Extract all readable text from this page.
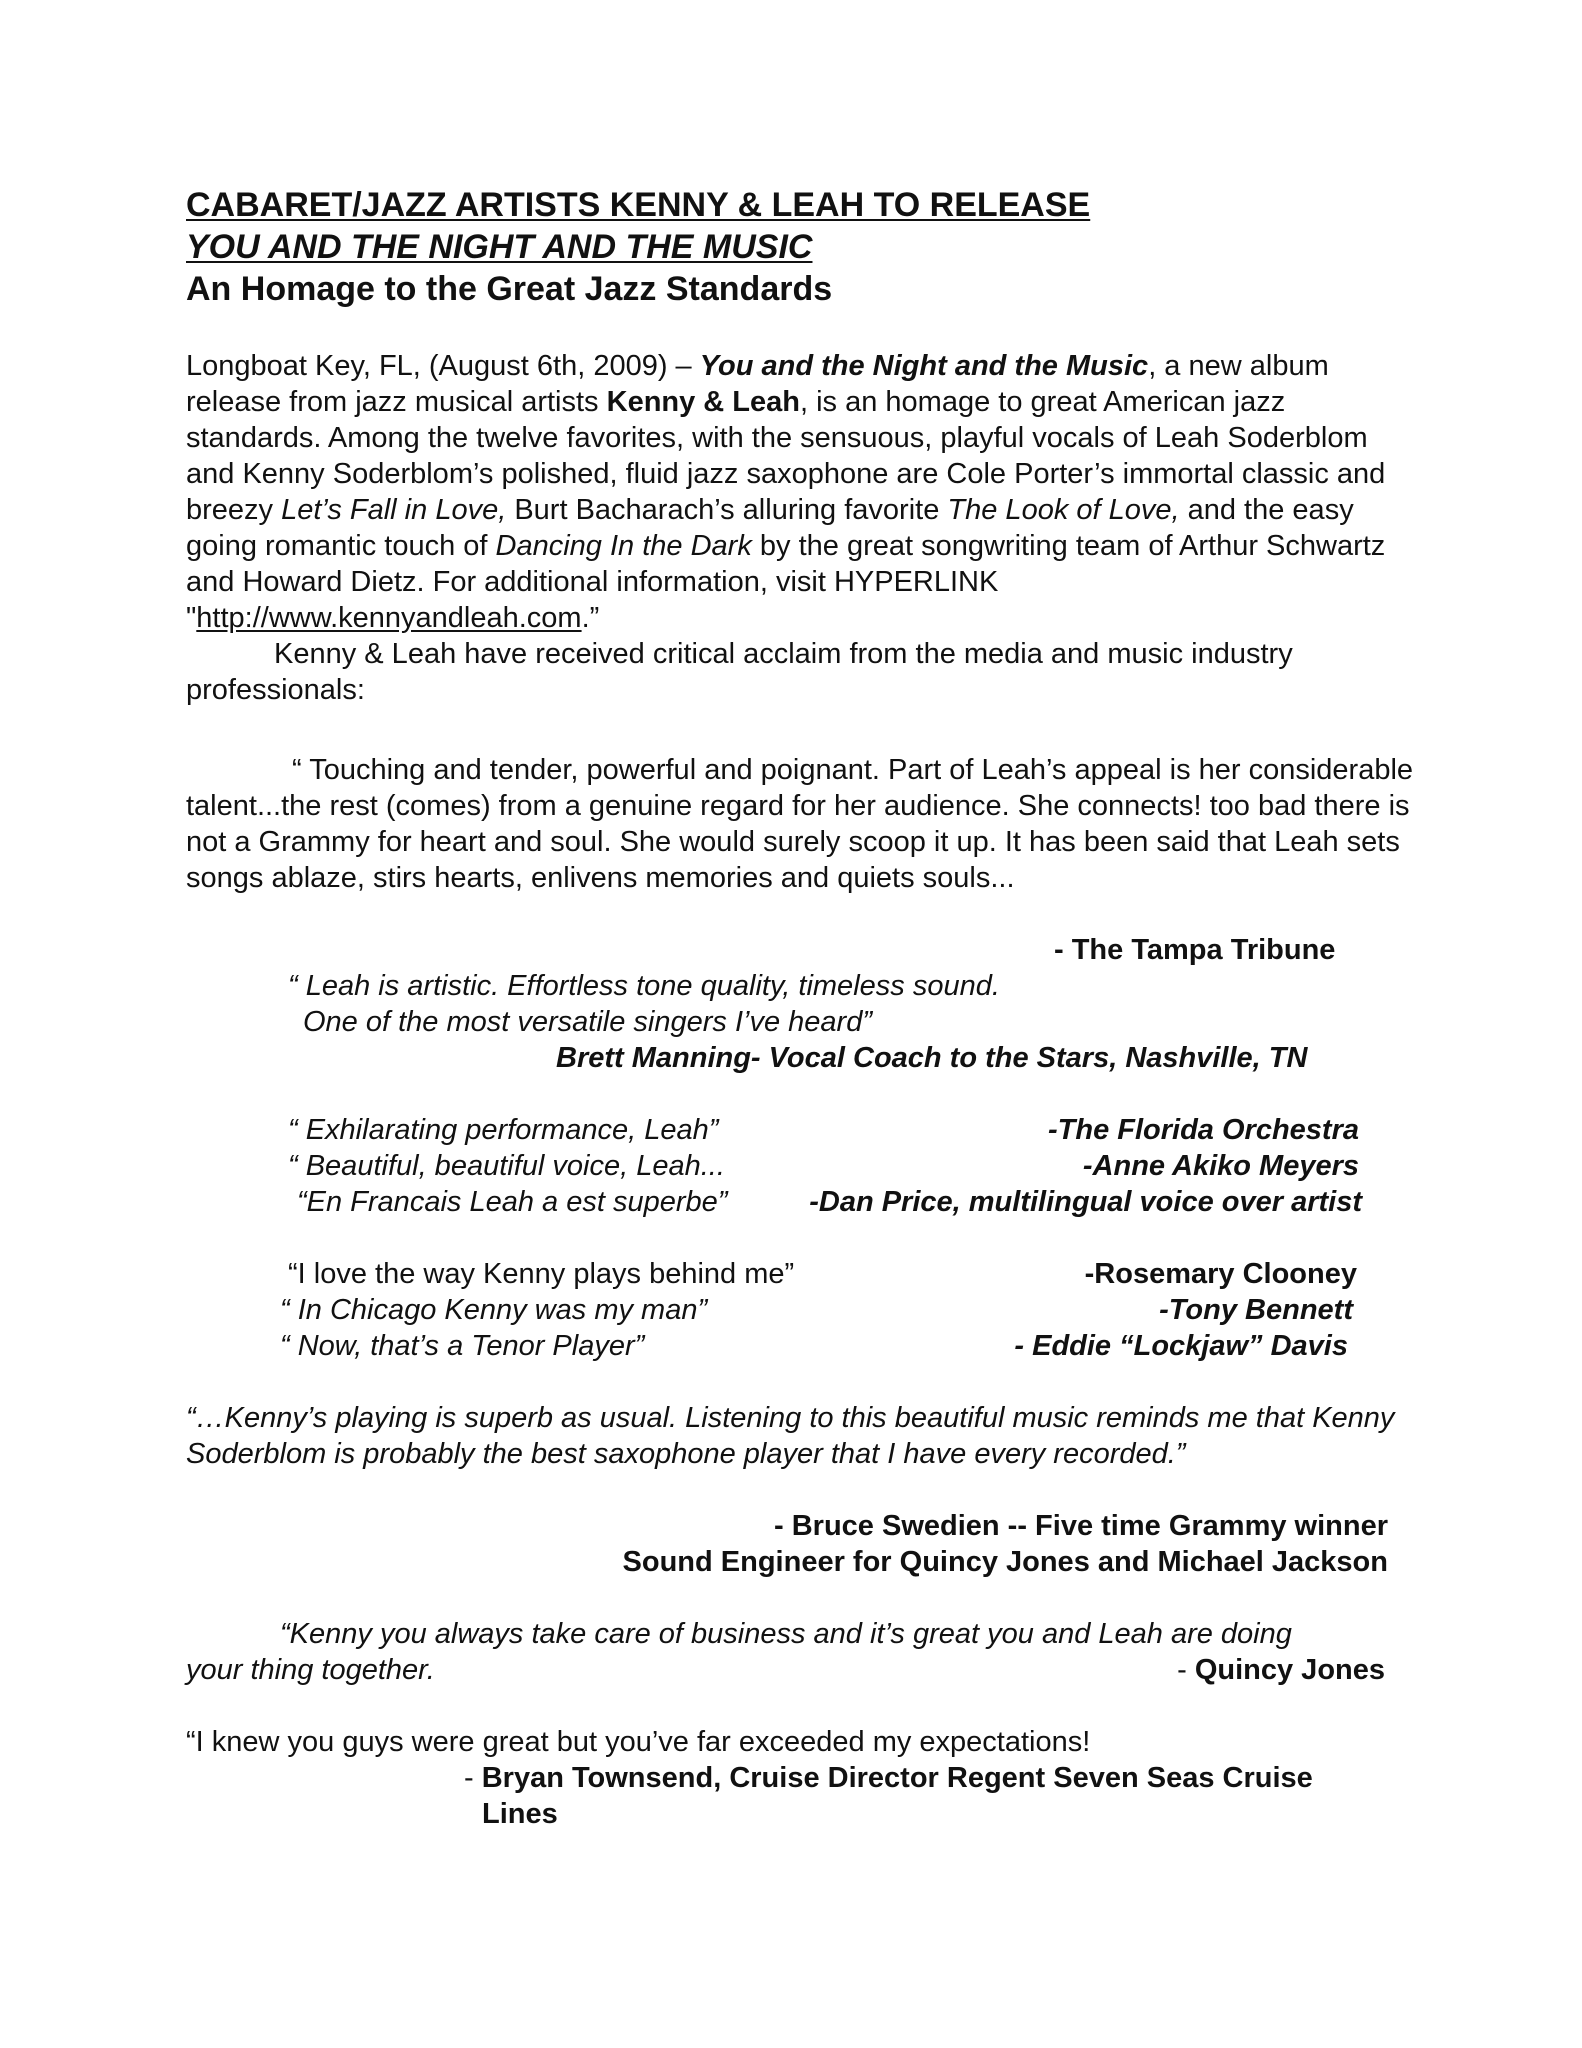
CABARET/JAZZ ARTISTS KENNY & LEAH TO RELEASE
YOU AND THE NIGHT AND THE MUSIC
An Homage to the Great Jazz Standards

Longboat Key, FL, (August 6th, 2009) – You and the Night and the Music, a new album release from jazz musical artists Kenny & Leah, is an homage to great American jazz standards. Among the twelve favorites, with the sensuous, playful vocals of Leah Soderblom and Kenny Soderblom’s polished, fluid jazz saxophone are Cole Porter’s immortal classic and breezy Let’s Fall in Love, Burt Bacharach’s alluring favorite The Look of Love, and the easy going romantic touch of Dancing In the Dark by the great songwriting team of Arthur Schwartz and Howard Dietz. For additional information, visit HYPERLINK "http://www.kennyandleah.com.”

Kenny & Leah have received critical acclaim from the media and music industry professionals:

“ Touching and tender, powerful and poignant. Part of Leah’s appeal is her considerable talent...the rest (comes) from a genuine regard for her audience. She connects! too bad there is not a Grammy for heart and soul. She would surely scoop it up. It has been said that Leah sets songs ablaze, stirs hearts, enlivens memories and quiets souls...
- The Tampa Tribune
“ Leah is artistic. Effortless tone quality, timeless sound.
One of the most versatile singers I’ve heard”
Brett Manning- Vocal Coach to the Stars, Nashville, TN
“ Exhilarating performance, Leah”	-The Florida Orchestra
“ Beautiful, beautiful voice, Leah...	-Anne Akiko Meyers
“En Francais Leah a est superbe”	-Dan Price, multilingual voice over artist
“I love the way Kenny plays behind me”	-Rosemary Clooney
“ In Chicago Kenny was my man”	-Tony Bennett
“ Now, that’s a Tenor Player”	- Eddie “Lockjaw” Davis
“…Kenny’s playing is superb as usual. Listening to this beautiful music reminds me that Kenny Soderblom is probably the best saxophone player that I have every recorded.”
- Bruce Swedien -- Five time Grammy winner
Sound Engineer for Quincy Jones and Michael Jackson
“Kenny you always take care of business and it’s great you and Leah are doing
your thing together.	- Quincy Jones
“I knew you guys were great but you’ve far exceeded my expectations!
- Bryan Townsend, Cruise Director Regent Seven Seas Cruise
Lines
